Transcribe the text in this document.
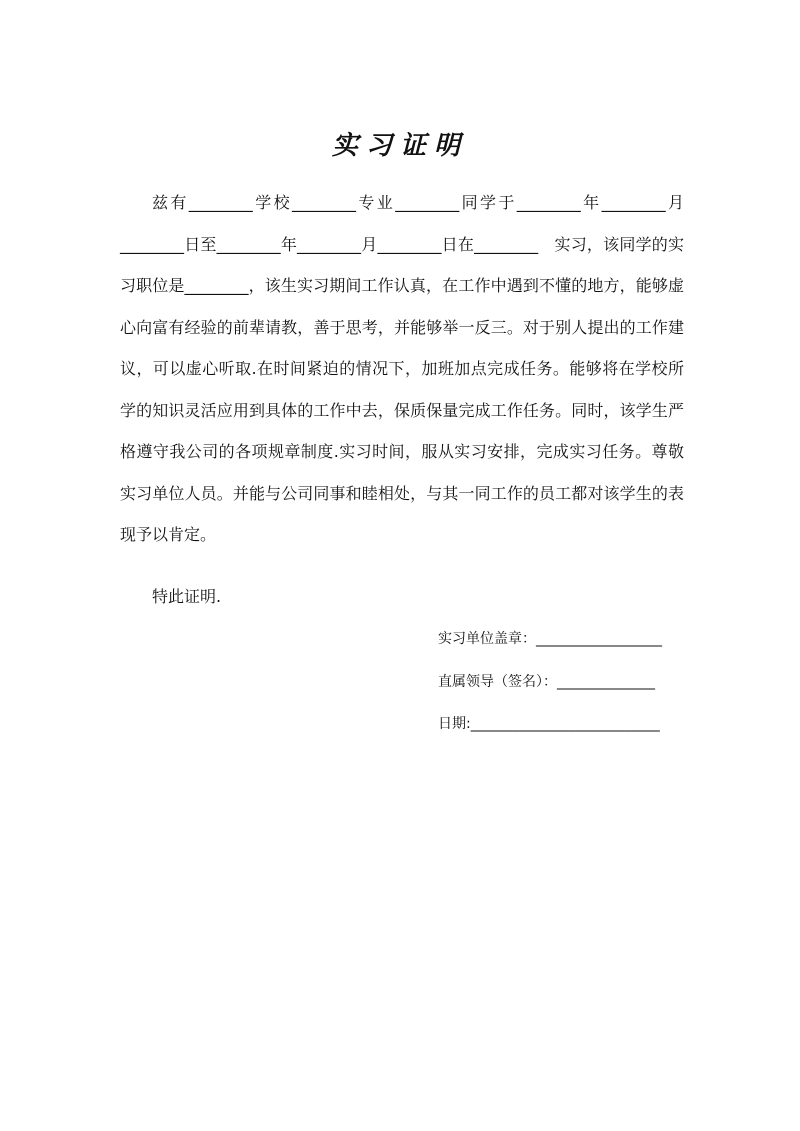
实习证明

兹有________学校________专业________同学于________年________月________日至________年________月________日在________　实习，该同学的实习职位是________，该生实习期间工作认真，在工作中遇到不懂的地方，能够虚心向富有经验的前辈请教，善于思考，并能够举一反三。对于别人提出的工作建议，可以虚心听取.在时间紧迫的情况下，加班加点完成任务。能够将在学校所学的知识灵活应用到具体的工作中去，保质保量完成工作任务。同时，该学生严格遵守我公司的各项规章制度.实习时间，服从实习安排，完成实习任务。尊敬实习单位人员。并能与公司同事和睦相处，与其一同工作的员工都对该学生的表现予以肯定。

特此证明.

实习单位盖章：__________________

直属领导（签名）：______________

日期:___________________________
